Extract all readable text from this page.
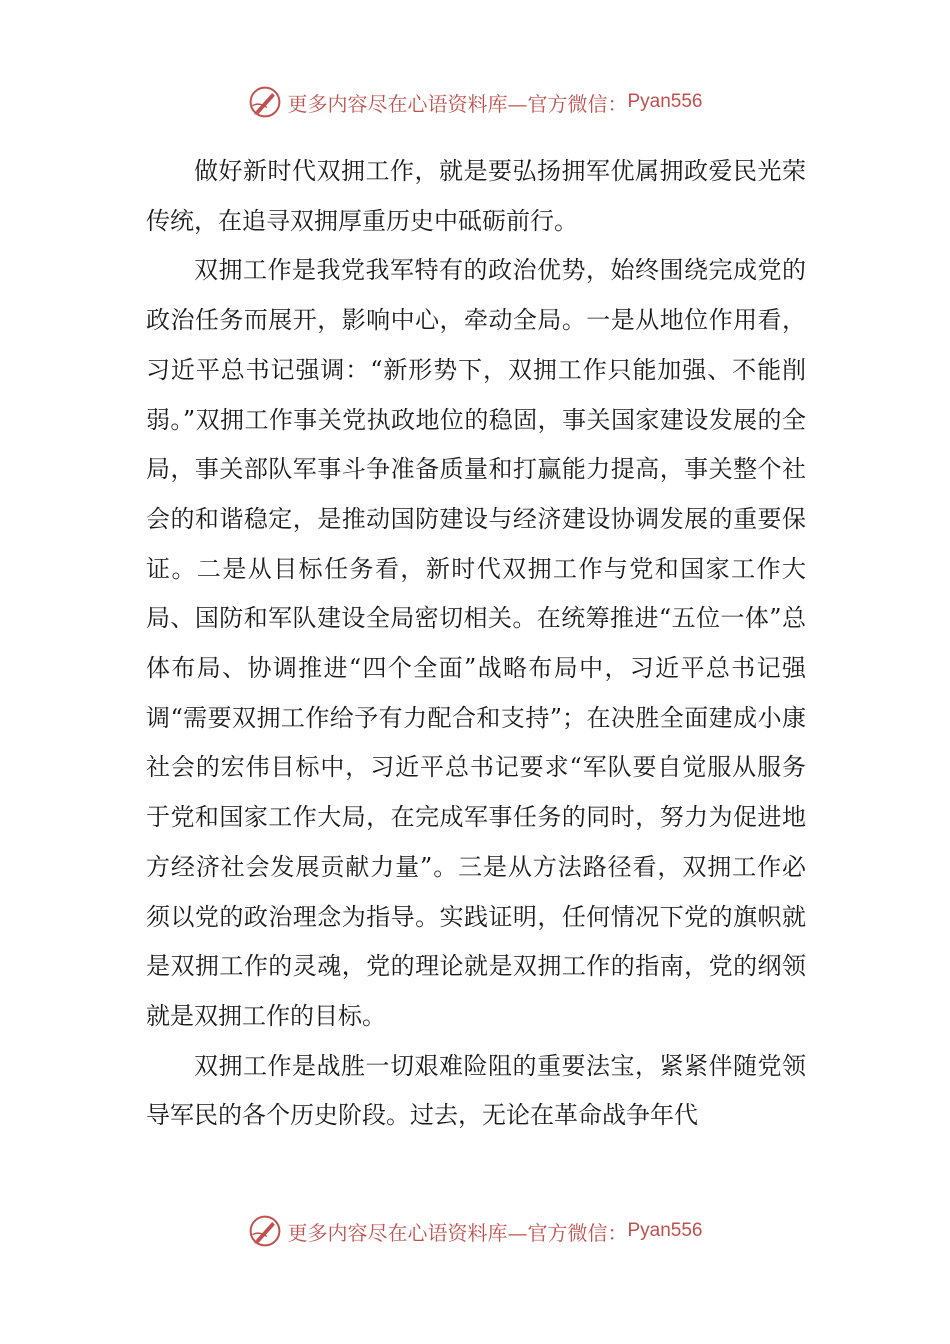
更多内容尽在心语资料库—官方微信： Pyan556

做好新时代双拥工作，就是要弘扬拥军优属拥政爱民光荣传统，在追寻双拥厚重历史中砥砺前行。

双拥工作是我党我军特有的政治优势，始终围绕完成党的政治任务而展开，影响中心，牵动全局。一是从地位作用看，习近平总书记强调：“新形势下，双拥工作只能加强、不能削弱。”双拥工作事关党执政地位的稳固，事关国家建设发展的全局，事关部队军事斗争准备质量和打赢能力提高，事关整个社会的和谐稳定，是推动国防建设与经济建设协调发展的重要保证。二是从目标任务看，新时代双拥工作与党和国家工作大局、国防和军队建设全局密切相关。在统筹推进“五位一体”总体布局、协调推进“四个全面”战略布局中，习近平总书记强调“需要双拥工作给予有力配合和支持”；在决胜全面建成小康社会的宏伟目标中，习近平总书记要求“军队要自觉服从服务于党和国家工作大局，在完成军事任务的同时，努力为促进地方经济社会发展贡献力量”。三是从方法路径看，双拥工作必须以党的政治理念为指导。实践证明，任何情况下党的旗帜就是双拥工作的灵魂，党的理论就是双拥工作的指南，党的纲领就是双拥工作的目标。

双拥工作是战胜一切艰难险阻的重要法宝，紧紧伴随党领导军民的各个历史阶段。过去，无论在革命战争年代

更多内容尽在心语资料库—官方微信： Pyan556
